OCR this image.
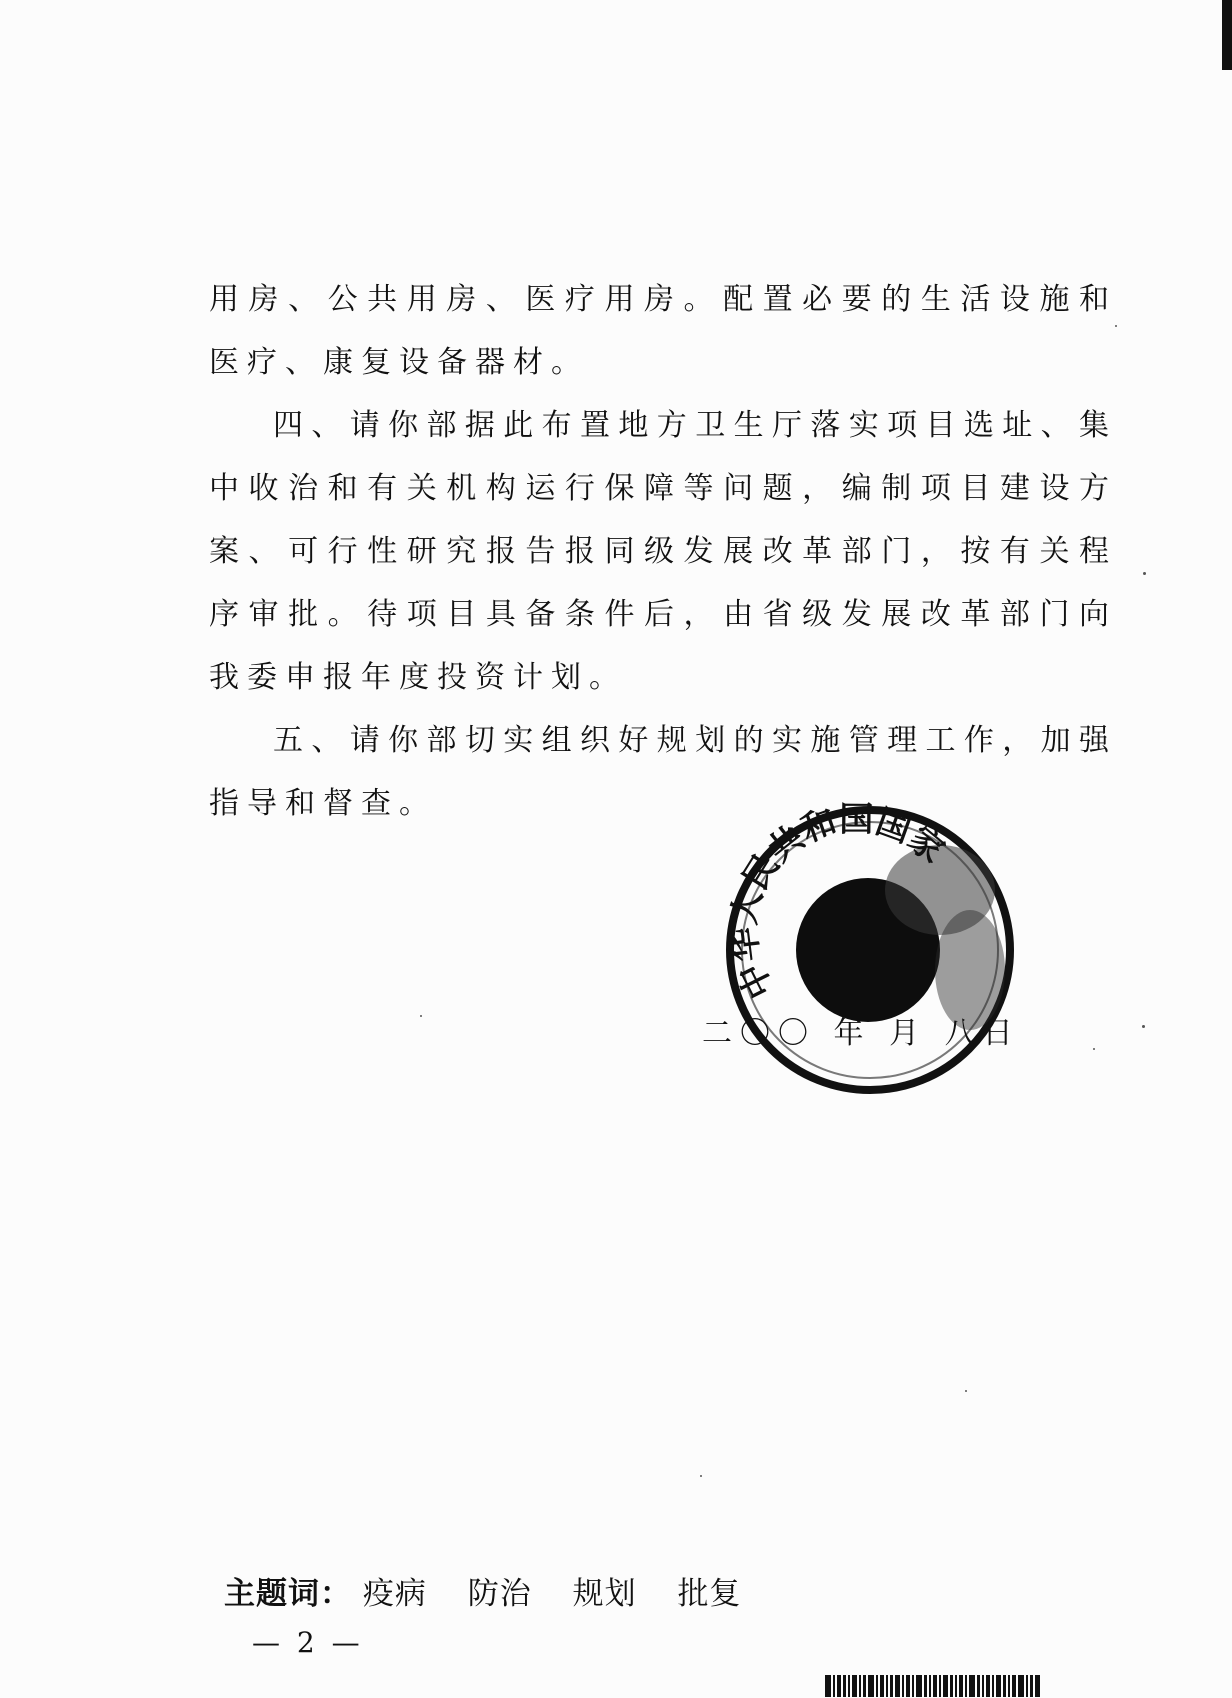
用房、公共用房、医疗用房。配置必要的生活设施和医疗、康复设备器材。

四、请你部据此布置地方卫生厅落实项目选址、集中收治和有关机构运行保障等问题，编制项目建设方案、可行性研究报告报同级发展改革部门，按有关程序审批。待项目具备条件后，由省级发展改革部门向我委申报年度投资计划。

五、请你部切实组织好规划的实施管理工作，加强指导和督查。

中华人民共和国国家
二〇〇 年 月 八日
主题词： 疫病 防治 规划 批复
— 2 —
